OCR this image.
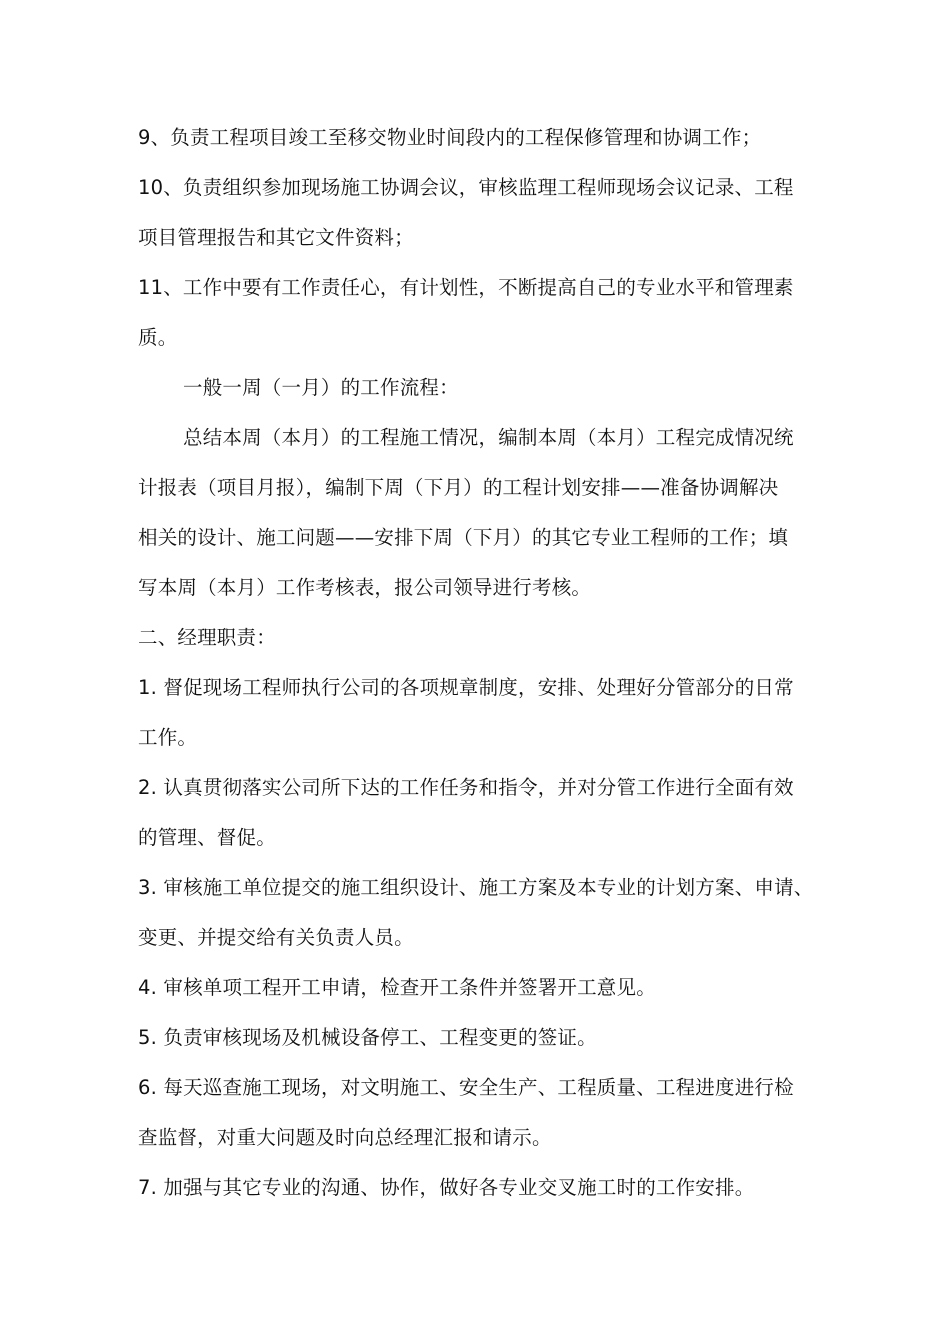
9、负责工程项目竣工至移交物业时间段内的工程保修管理和协调工作；
10、负责组织参加现场施工协调会议，审核监理工程师现场会议记录、工程
项目管理报告和其它文件资料；
11、工作中要有工作责任心，有计划性，不断提高自己的专业水平和管理素
质。
一般一周（一月）的工作流程：
总结本周（本月）的工程施工情况，编制本周（本月）工程完成情况统
计报表（项目月报），编制下周（下月）的工程计划安排——准备协调解决
相关的设计、施工问题——安排下周（下月）的其它专业工程师的工作；填
写本周（本月）工作考核表，报公司领导进行考核。
二、经理职责：
1. 督促现场工程师执行公司的各项规章制度，安排、处理好分管部分的日常
工作。
2. 认真贯彻落实公司所下达的工作任务和指令，并对分管工作进行全面有效
的管理、督促。
3. 审核施工单位提交的施工组织设计、施工方案及本专业的计划方案、申请、
变更、并提交给有关负责人员。
4. 审核单项工程开工申请，检查开工条件并签署开工意见。
5. 负责审核现场及机械设备停工、工程变更的签证。
6. 每天巡查施工现场，对文明施工、安全生产、工程质量、工程进度进行检
查监督，对重大问题及时向总经理汇报和请示。
7. 加强与其它专业的沟通、协作，做好各专业交叉施工时的工作安排。
